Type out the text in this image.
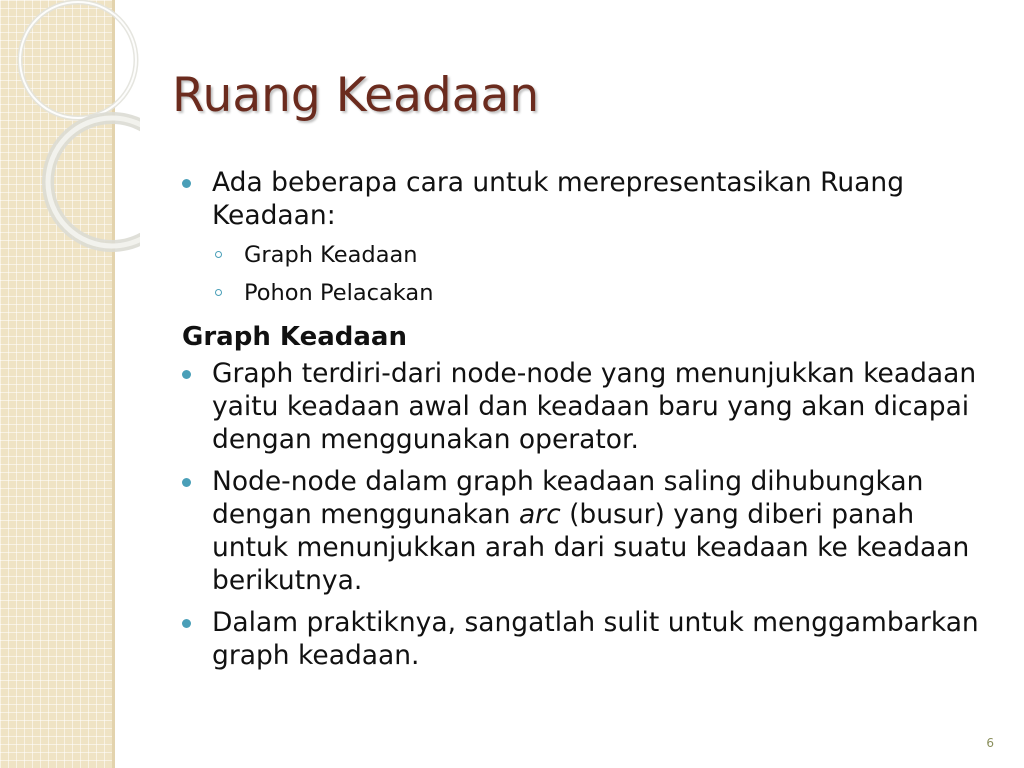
Ruang Keadaan
Ada beberapa cara untuk merepresentasikan Ruang Keadaan:
Graph Keadaan
Pohon Pelacakan
Graph Keadaan
Graph terdiri-dari node-node yang menunjukkan keadaan yaitu keadaan awal dan keadaan baru yang akan dicapai dengan menggunakan operator.
Node-node dalam graph keadaan saling dihubungkan dengan menggunakan arc (busur) yang diberi panah untuk menunjukkan arah dari suatu keadaan ke keadaan berikutnya.
Dalam praktiknya, sangatlah sulit untuk menggambarkan graph keadaan.
6
